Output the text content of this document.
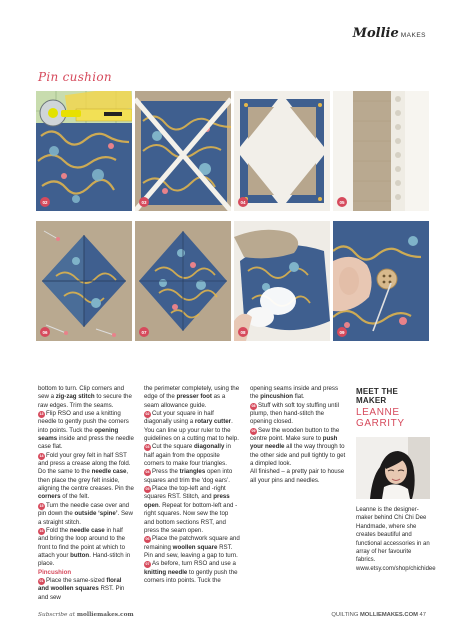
Mollie MAKES
Pin cushion
02	03	04	05
06	07	08	09

bottom to turn. Clip corners and sew a zig-zag stitch to secure the raw edges. Trim the seams.

13 Flip RSO and use a knitting needle to gently push the corners into points. Tuck the opening seams inside and press the needle case flat.

14 Fold your grey felt in half SST and press a crease along the fold. Do the same to the needle case, then place the grey felt inside, aligning the centre creases. Pin the corners of the felt.

15 Turn the needle case over and pin down the outside ‘spine’. Sew a straight stitch.

16 Fold the needle case in half and bring the loop around to the front to find the point at which to attach your button. Hand-stitch in place.

Pincushion

01 Place the same-sized floral and woollen squares RST. Pin and sew

the perimeter completely, using the edge of the presser foot as a seam allowance guide.

02 Cut your square in half diagonally using a rotary cutter. You can line up your ruler to the guidelines on a cutting mat to help.

03 Cut the square diagonally in half again from the opposite corners to make four triangles.

04 Press the triangles open into squares and trim the ‘dog ears’.

05 Place the top-left and -right squares RST. Stitch, and press open. Repeat for bottom-left and -right squares. Now sew the top and bottom sections RST, and press the seam open.

06 Place the patchwork square and remaining woollen square RST. Pin and sew, leaving a gap to turn.

07 As before, turn RSO and use a knitting needle to gently push the corners into points. Tuck the

opening seams inside and press the pincushion flat.

08 Stuff with soft toy stuffing until plump, then hand-stitch the opening closed.

09 Sew the wooden button to the centre point. Make sure to push your needle all the way through to the other side and pull tightly to get a dimpled look.

All finished – a pretty pair to house all your pins and needles.

MEET THE MAKER
LEANNE GARRITY
Leanne is the designer-maker behind Chi Chi Dee Handmade, where she creates beautiful and functional accessories in an array of her favourite fabrics. www.etsy.com/shop/chichidee
Subscribe at molliemakes.com	QUILTING MOLLIEMAKES.COM 47
